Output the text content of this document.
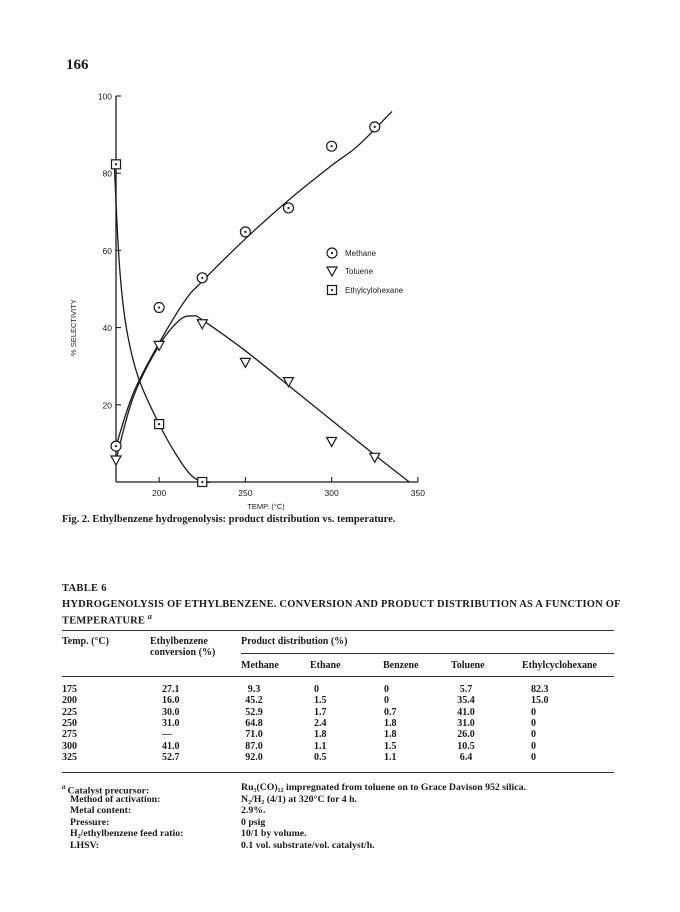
166
20
40
60
80
100
200	250	300	350
TEMP. (°C)
% SELECTIVITY
Methane
Toluene
Ethylcylohexane
Fig. 2. Ethylbenzene hydrogenolysis: product distribution vs. temperature.
TABLE 6
HYDROGENOLYSIS OF ETHYLBENZENE. CONVERSION AND PRODUCT DISTRIBUTION AS A FUNCTION OF TEMPERATURE $^a$
Temp. (°C)	Ethylbenzene
conversion (%)
Product distribution (%)
Methane	Ethane	Benzene	Toluene	Ethylcyclohexane
175	27.1	9.3	0	0	5.7	82.3
200	16.0	45.2	1.5	0	35.4	15.0
225	30.0	52.9	1.7	0.7	41.0	0
250	31.0	64.8	2.4	1.8	31.0	0
275	—	71.0	1.8	1.8	26.0	0
300	41.0	87.0	1.1	1.5	10.5	0
325	52.7	92.0	0.5	1.1	6.4	0
$^a$ Catalyst precursor:	Ru₃(CO)₁₂ impregnated from toluene on to Grace Davison 952 silica.
Method of activation:	N₂/H₂ (4/1) at 320°C for 4 h.
Metal content:	2.9%.
Pressure:	0 psig
H₂/ethylbenzene feed ratio:	10/1 by volume.
LHSV:	0.1 vol. substrate/vol. catalyst/h.
